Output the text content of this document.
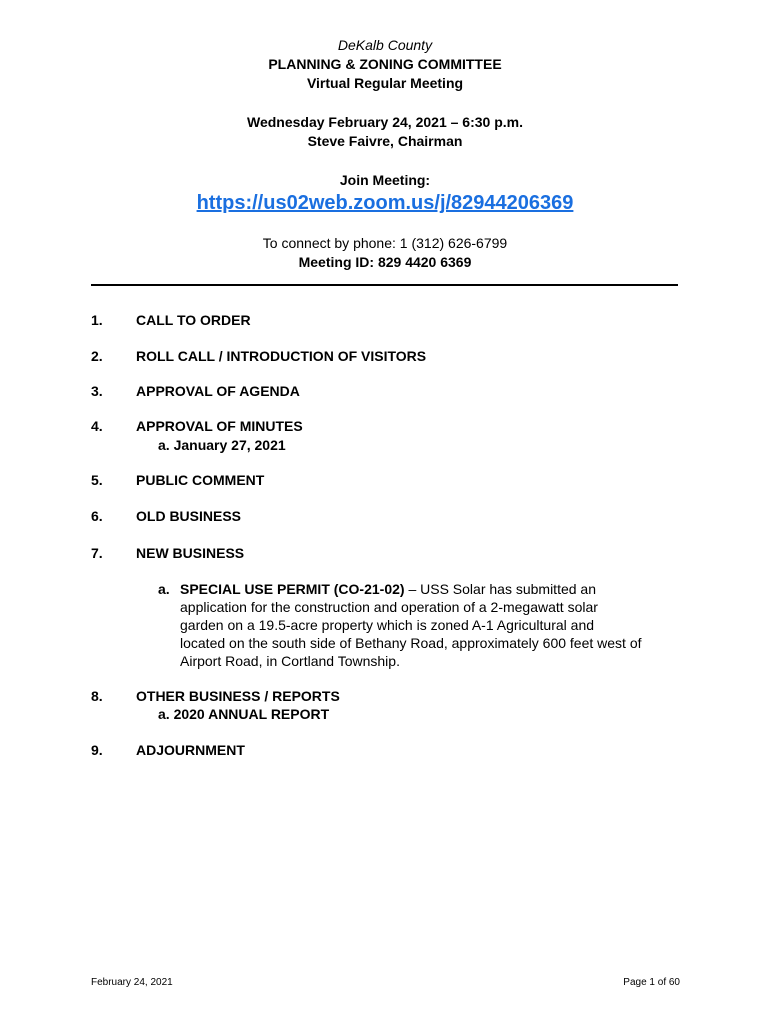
DeKalb County
PLANNING & ZONING COMMITTEE
Virtual Regular Meeting
Wednesday February 24, 2021 – 6:30 p.m.
Steve Faivre, Chairman
Join Meeting:
https://us02web.zoom.us/j/82944206369
To connect by phone: 1 (312) 626-6799
Meeting ID: 829 4420 6369
1. CALL TO ORDER
2. ROLL CALL / INTRODUCTION OF VISITORS
3. APPROVAL OF AGENDA
4. APPROVAL OF MINUTES
a. January 27, 2021
5. PUBLIC COMMENT
6. OLD BUSINESS
7. NEW BUSINESS
a. SPECIAL USE PERMIT (CO-21-02) – USS Solar has submitted an
application for the construction and operation of a 2-megawatt solar
garden on a 19.5-acre property which is zoned A-1 Agricultural and
located on the south side of Bethany Road, approximately 600 feet west of
Airport Road, in Cortland Township.
8. OTHER BUSINESS / REPORTS
a. 2020 ANNUAL REPORT
9. ADJOURNMENT
February 24, 2021	Page 1 of 60
